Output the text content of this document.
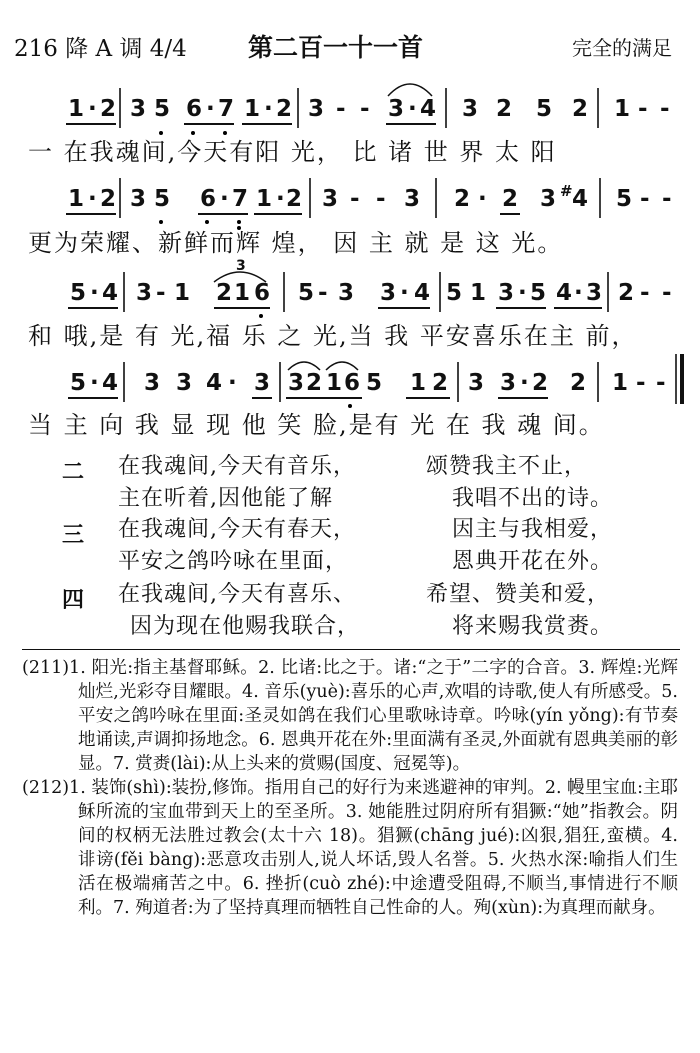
216 降 A 调 4/4 第二百一十一首	完全的满足
1 · 2 3 5 6 · 7 1 · 2 3 - - 3 · 4 3 2 5 2 1 - -
1 · 2 3 5 6 · 7 1 · 2 3 - - 3 2 · 2 3 # 4 5 - -
5 · 4 3 - 1
3
2 1 6 5 - 3 3 · 4 5 1 3 · 5 4 · 3 2 - -
5 · 4 3 3 4 · 3 3 2 1 6 5 1 2 3 3 · 2 2 1 - -
一 在我魂间,今天有阳 光， 比 诸 世 界 太 阳
更为荣耀、新鲜而辉 煌， 因 主 就 是 这 光。
和 哦,是 有 光,福 乐 之 光,当 我 平安喜乐在主 前，
当 主 向 我 显 现 他 笑 脸,是有 光 在 我 魂 间。
二 在我魂间,今天有音乐，	颂赞我主不止，
主在听着,因他能了解	我唱不出的诗。
三 在我魂间,今天有春天，	因主与我相爱，
平安之鸽吟咏在里面，	恩典开花在外。
四 在我魂间,今天有喜乐、	希望、赞美和爱，
因为现在他赐我联合，	将来赐我赏赉。

(211)1. 阳光:指主基督耶稣。2. 比诸:比之于。诸:“之于”二字的合音。3. 辉煌:光辉灿烂,光彩夺目耀眼。4. 音乐(yuè):喜乐的心声,欢唱的诗歌,使人有所感受。5. 平安之鸽吟咏在里面:圣灵如鸽在我们心里歌咏诗章。吟咏(yín yǒng):有节奏地诵读,声调抑扬地念。6. 恩典开花在外:里面满有圣灵,外面就有恩典美丽的彰显。7. 赏赉(lài):从上头来的赏赐(国度、冠冕等)。

(212)1. 装饰(shì):装扮,修饰。指用自己的好行为来逃避神的审判。2. 幔里宝血:主耶稣所流的宝血带到天上的至圣所。3. 她能胜过阴府所有猖獗:“她”指教会。阴间的权柄无法胜过教会(太十六 18)。猖獗(chāng jué):凶狠,猖狂,蛮横。4. 诽谤(fěi bàng):恶意攻击别人,说人坏话,毁人名誉。5. 火热水深:喻指人们生活在极端痛苦之中。6. 挫折(cuò zhé):中途遭受阻碍,不顺当,事情进行不顺利。7. 殉道者:为了坚持真理而牺牲自己性命的人。殉(xùn):为真理而献身。
